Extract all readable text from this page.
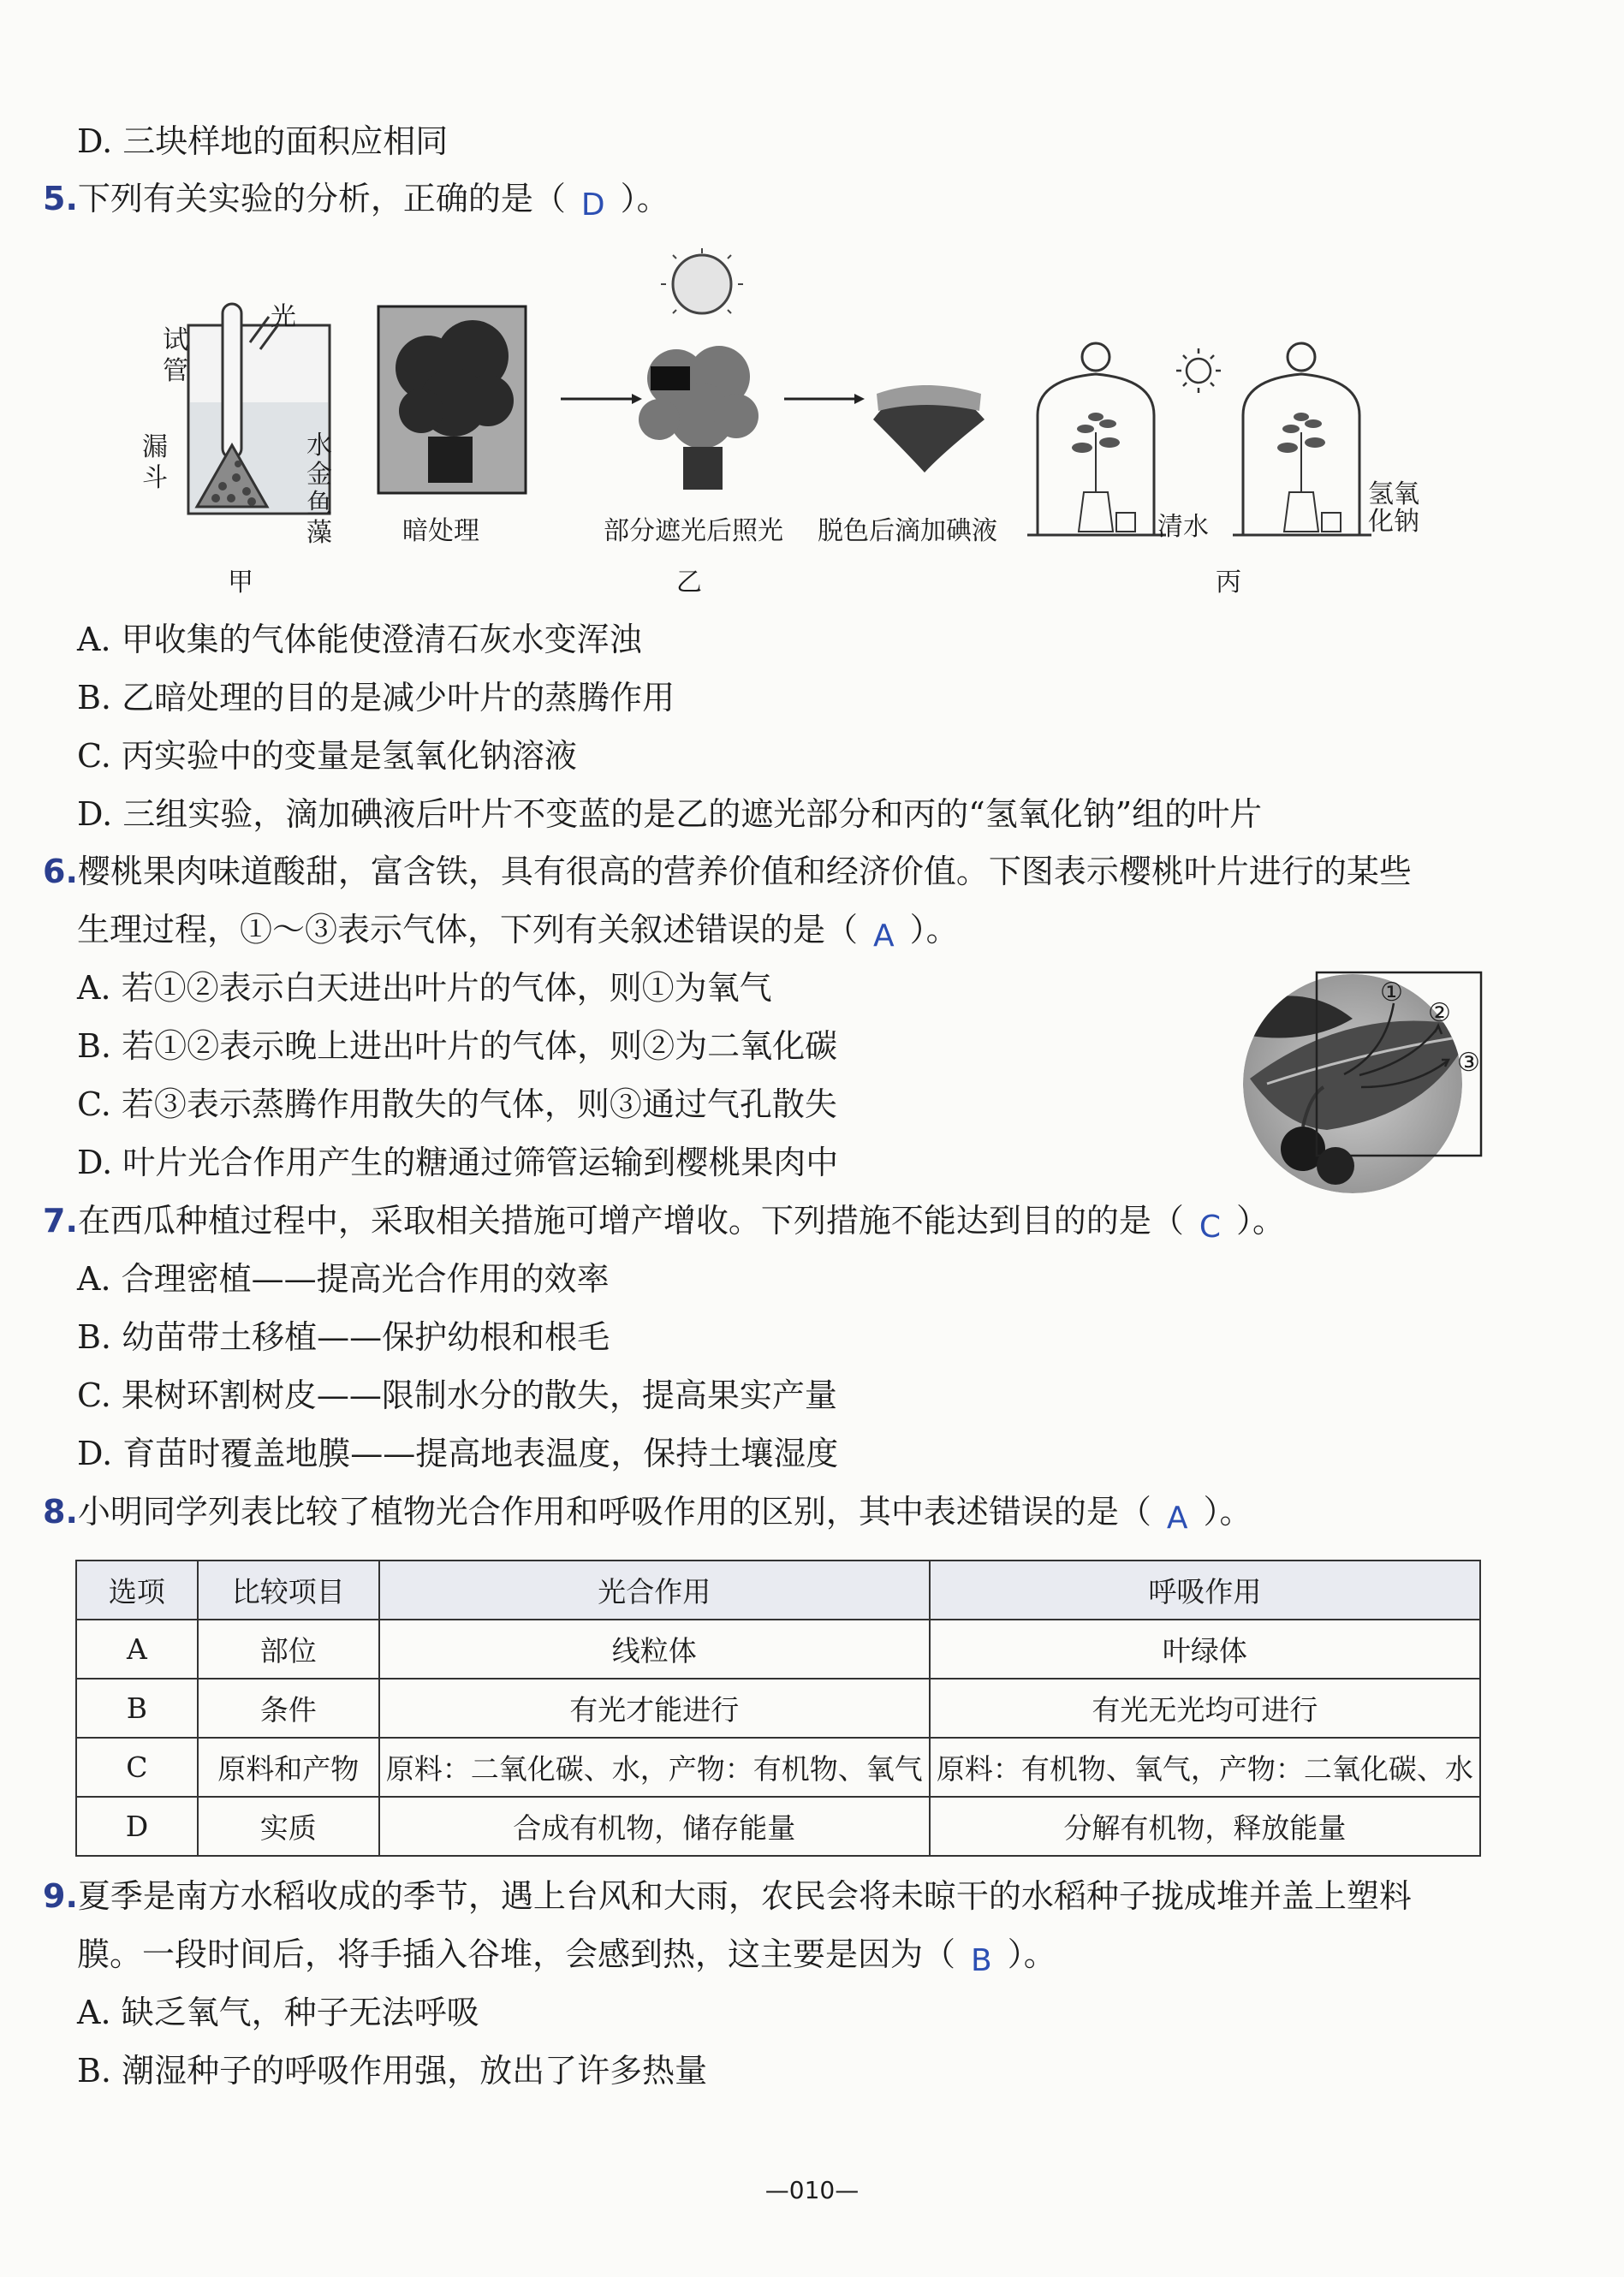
D. 三块样地的面积应相同
5.下列有关实验的分析，正确的是（ D ）。
光
试管
漏斗
水
金鱼藻
甲
暗处理	部分遮光后照光 脱色后滴加碘液
乙
清水
氢氧化钠
丙
A. 甲收集的气体能使澄清石灰水变浑浊
B. 乙暗处理的目的是减少叶片的蒸腾作用
C. 丙实验中的变量是氢氧化钠溶液
D. 三组实验，滴加碘液后叶片不变蓝的是乙的遮光部分和丙的“氢氧化钠”组的叶片
6.樱桃果肉味道酸甜，富含铁，具有很高的营养价值和经济价值。下图表示樱桃叶片进行的某些
生理过程，①～③表示气体，下列有关叙述错误的是（ A ）。
A. 若①②表示白天进出叶片的气体，则①为氧气
B. 若①②表示晚上进出叶片的气体，则②为二氧化碳
C. 若③表示蒸腾作用散失的气体，则③通过气孔散失
D. 叶片光合作用产生的糖通过筛管运输到樱桃果肉中
①
②
③
7.在西瓜种植过程中，采取相关措施可增产增收。下列措施不能达到目的的是（ C ）。
A. 合理密植——提高光合作用的效率
B. 幼苗带土移植——保护幼根和根毛
C. 果树环割树皮——限制水分的散失，提高果实产量
D. 育苗时覆盖地膜——提高地表温度，保持土壤湿度
8.小明同学列表比较了植物光合作用和呼吸作用的区别，其中表述错误的是（ A ）。
选项	比较项目	光合作用	呼吸作用
A	部位	线粒体	叶绿体
B	条件	有光才能进行	有光无光均可进行
C	原料和产物	原料：二氧化碳、水，产物：有机物、氧气	原料：有机物、氧气，产物：二氧化碳、水
D	实质	合成有机物，储存能量	分解有机物，释放能量
9.夏季是南方水稻收成的季节，遇上台风和大雨，农民会将未晾干的水稻种子拢成堆并盖上塑料
膜。一段时间后，将手插入谷堆，会感到热，这主要是因为（ B ）。
A. 缺乏氧气，种子无法呼吸
B. 潮湿种子的呼吸作用强，放出了许多热量
—010—
